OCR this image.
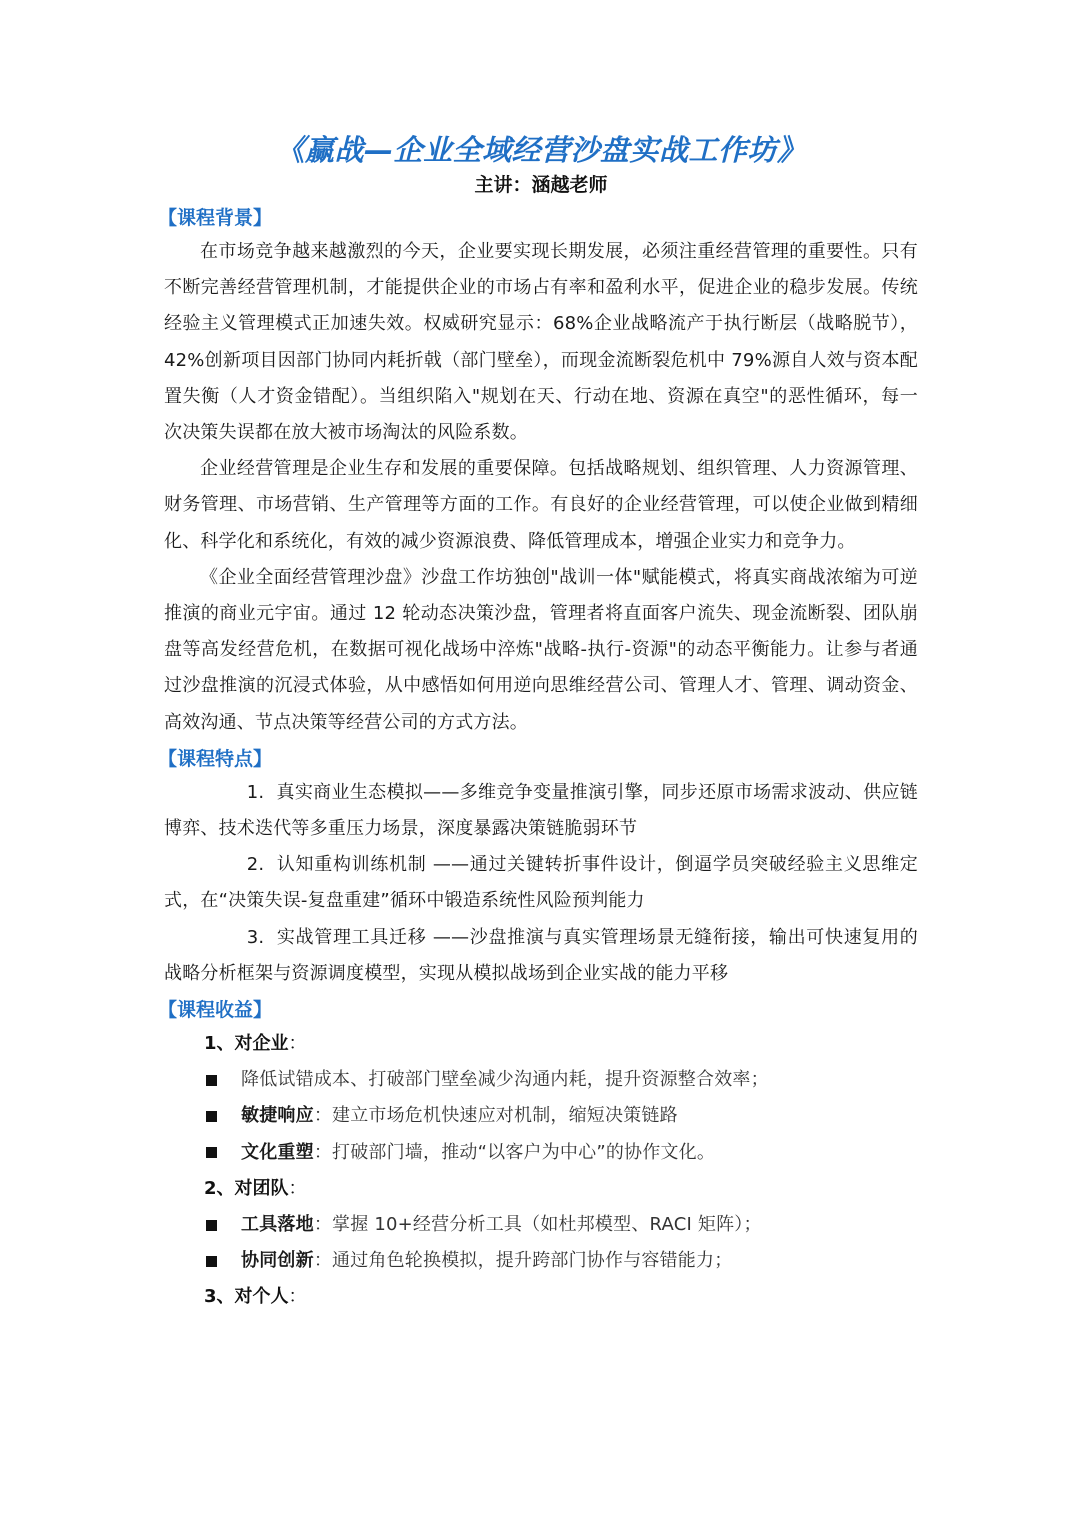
《赢战—企业全域经营沙盘实战工作坊》
主讲：涵越老师
【课程背景】

在市场竞争越来越激烈的今天，企业要实现长期发展，必须注重经营管理的重要性。只有不断完善经营管理机制，才能提供企业的市场占有率和盈利水平，促进企业的稳步发展。传统经验主义管理模式正加速失效。权威研究显示：68%企业战略流产于执行断层（战略脱节），42%创新项目因部门协同内耗折戟（部门壁垒），而现金流断裂危机中 79%源自人效与资本配置失衡（人才资金错配）。当组织陷入"规划在天、行动在地、资源在真空"的恶性循环，每一次决策失误都在放大被市场淘汰的风险系数。

企业经营管理是企业生存和发展的重要保障。包括战略规划、组织管理、人力资源管理、财务管理、市场营销、生产管理等方面的工作。有良好的企业经营管理，可以使企业做到精细化、科学化和系统化，有效的减少资源浪费、降低管理成本，增强企业实力和竞争力。

《企业全面经营管理沙盘》沙盘工作坊独创"战训一体"赋能模式，将真实商战浓缩为可逆推演的商业元宇宙。通过 12 轮动态决策沙盘，管理者将直面客户流失、现金流断裂、团队崩盘等高发经营危机，在数据可视化战场中淬炼"战略-执行-资源"的动态平衡能力。让参与者通过沙盘推演的沉浸式体验，从中感悟如何用逆向思维经营公司、管理人才、管理、调动资金、高效沟通、节点决策等经营公司的方式方法。

【课程特点】

1. 真实商业生态模拟——多维竞争变量推演引擎，同步还原市场需求波动、供应链博弈、技术迭代等多重压力场景，深度暴露决策链脆弱环节

2. 认知重构训练机制 ——通过关键转折事件设计，倒逼学员突破经验主义思维定式，在“决策失误-复盘重建”循环中锻造系统性风险预判能力

3. 实战管理工具迁移 ——沙盘推演与真实管理场景无缝衔接，输出可快速复用的战略分析框架与资源调度模型，实现从模拟战场到企业实战的能力平移

【课程收益】
1、对企业：
降低试错成本、打破部门壁垒减少沟通内耗，提升资源整合效率；
敏捷响应 ：建立市场危机快速应对机制，缩短决策链路
文化重塑 ：打破部门墙，推动“以客户为中心”的协作文化。
2、对团队：
工具落地 ：掌握 10+经营分析工具（如杜邦模型、RACI 矩阵）；
协同创新 ：通过角色轮换模拟，提升跨部门协作与容错能力；
3、对个人：
